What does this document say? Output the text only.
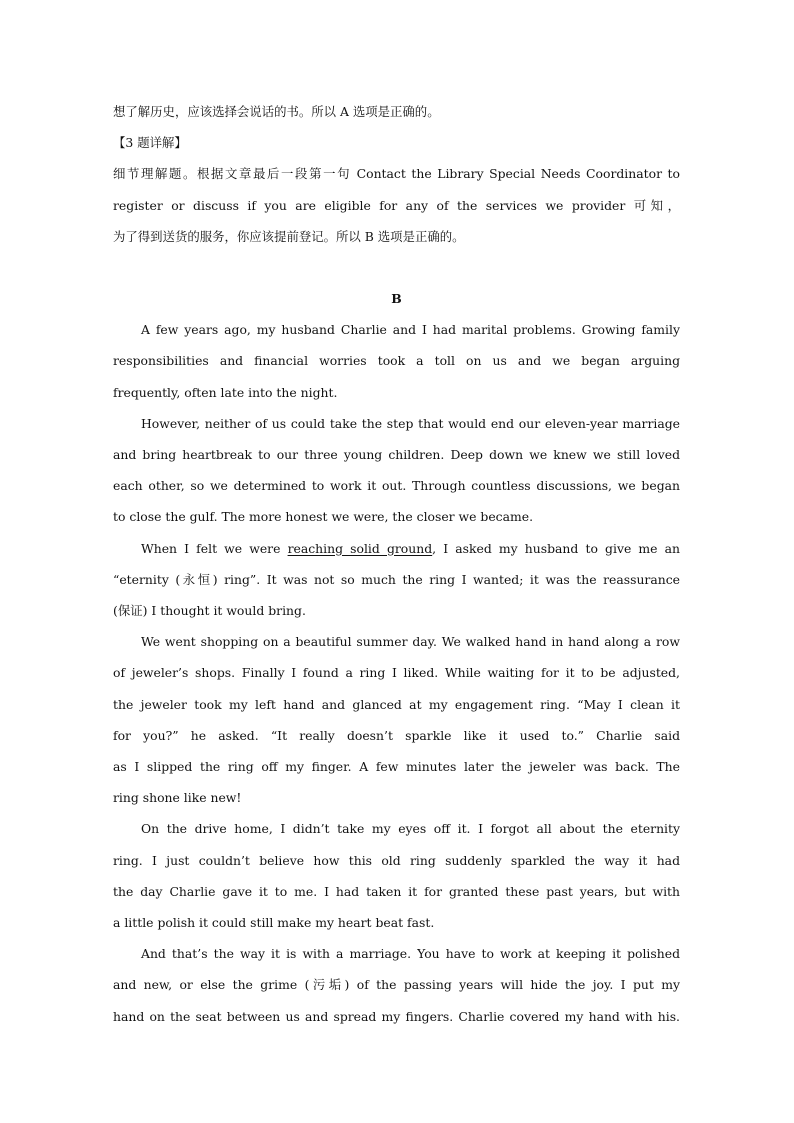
想了解历史，应该选择会说话的书。所以 A 选项是正确的。
【3 题详解】
细节理解题。根据文章最后一段第一句 Contact the Library Special Needs Coordinator to
register or discuss if you are eligible for any of the services we provider 可知，
为了得到送货的服务，你应该提前登记。所以 B 选项是正确的。
B
A few years ago, my husband Charlie and I had marital problems. Growing family
responsibilities and financial worries took a toll on us and we began arguing
frequently, often late into the night.
However, neither of us could take the step that would end our eleven-year marriage
and bring heartbreak to our three young children. Deep down we knew we still loved
each other, so we determined to work it out. Through countless discussions, we began
to close the gulf. The more honest we were, the closer we became.
When I felt we were reaching solid ground, I asked my husband to give me an
“eternity (永恒) ring”. It was not so much the ring I wanted; it was the reassurance
(保证) I thought it would bring.
We went shopping on a beautiful summer day. We walked hand in hand along a row
of jeweler’s shops. Finally I found a ring I liked. While waiting for it to be adjusted,
the jeweler took my left hand and glanced at my engagement ring. “May I clean it
for you?” he asked. “It really doesn’t sparkle like it used to.” Charlie said
as I slipped the ring off my finger. A few minutes later the jeweler was back. The
ring shone like new!
On the drive home, I didn’t take my eyes off it. I forgot all about the eternity
ring. I just couldn’t believe how this old ring suddenly sparkled the way it had
the day Charlie gave it to me. I had taken it for granted these past years, but with
a little polish it could still make my heart beat fast.
And that’s the way it is with a marriage. You have to work at keeping it polished
and new, or else the grime (污垢) of the passing years will hide the joy. I put my
hand on the seat between us and spread my fingers. Charlie covered my hand with his.
